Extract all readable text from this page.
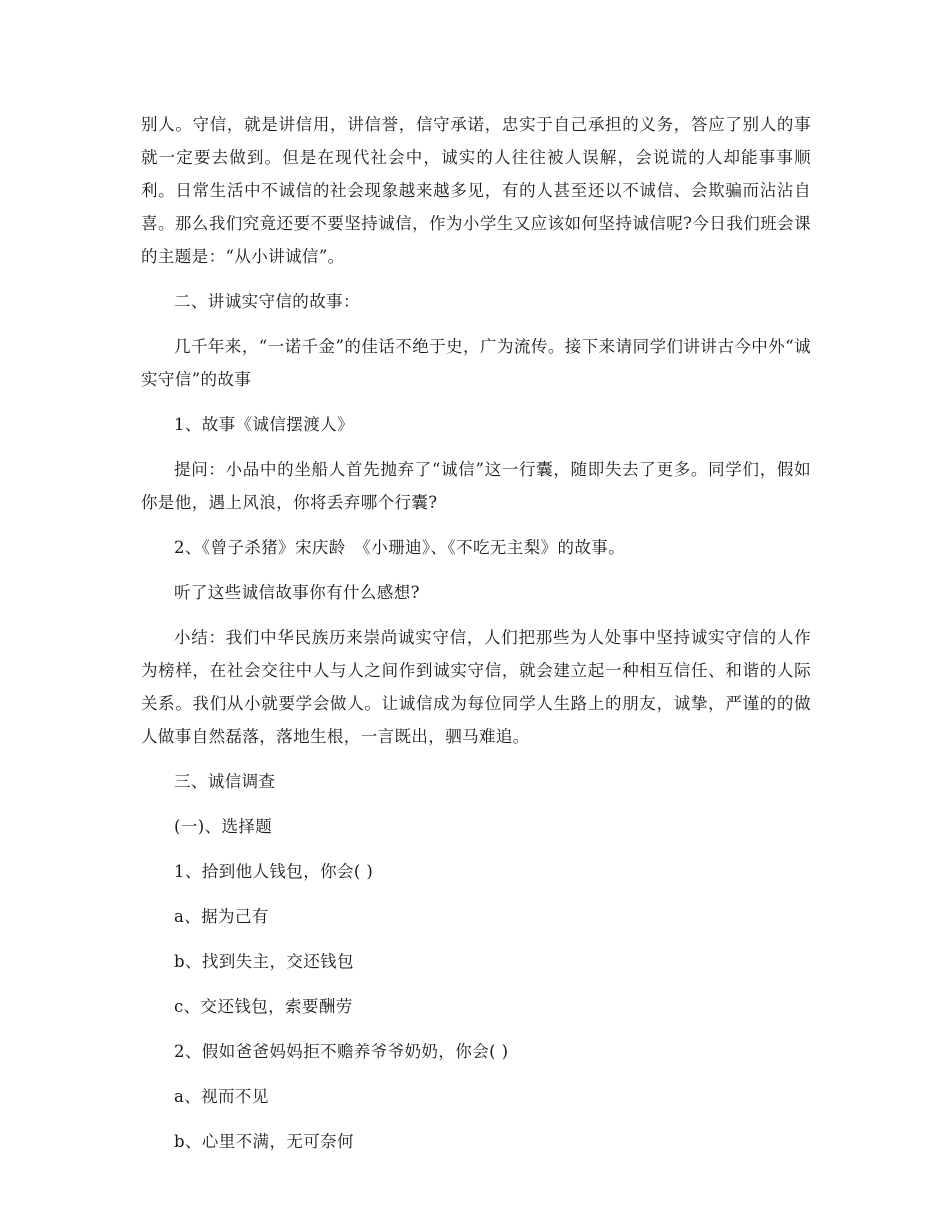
别人。守信，就是讲信用，讲信誉，信守承诺，忠实于自己承担的义务，答应了别人的事就一定要去做到。但是在现代社会中，诚实的人往往被人误解，会说谎的人却能事事顺利。日常生活中不诚信的社会现象越来越多见，有的人甚至还以不诚信、会欺骗而沾沾自喜。那么我们究竟还要不要坚持诚信，作为小学生又应该如何坚持诚信呢?今日我们班会课的主题是：“从小讲诚信”。

二、讲诚实守信的故事：

几千年来，“一诺千金”的佳话不绝于史，广为流传。接下来请同学们讲讲古今中外“诚实守信”的故事

1、故事《诚信摆渡人》

提问：小品中的坐船人首先抛弃了“诚信”这一行囊，随即失去了更多。同学们，假如你是他，遇上风浪，你将丢弃哪个行囊?

2、《曾子杀猪》宋庆龄　《小珊迪》、《不吃无主梨》的故事。

听了这些诚信故事你有什么感想?

小结：我们中华民族历来崇尚诚实守信，人们把那些为人处事中坚持诚实守信的人作为榜样，在社会交往中人与人之间作到诚实守信，就会建立起一种相互信任、和谐的人际关系。我们从小就要学会做人。让诚信成为每位同学人生路上的朋友，诚挚，严谨的的做人做事自然磊落，落地生根，一言既出，驷马难追。

三、诚信调查

(一)、选择题

1、拾到他人钱包，你会( )

a、据为己有

b、找到失主，交还钱包

c、交还钱包，索要酬劳

2、假如爸爸妈妈拒不赡养爷爷奶奶，你会( )

a、视而不见

b、心里不满，无可奈何
